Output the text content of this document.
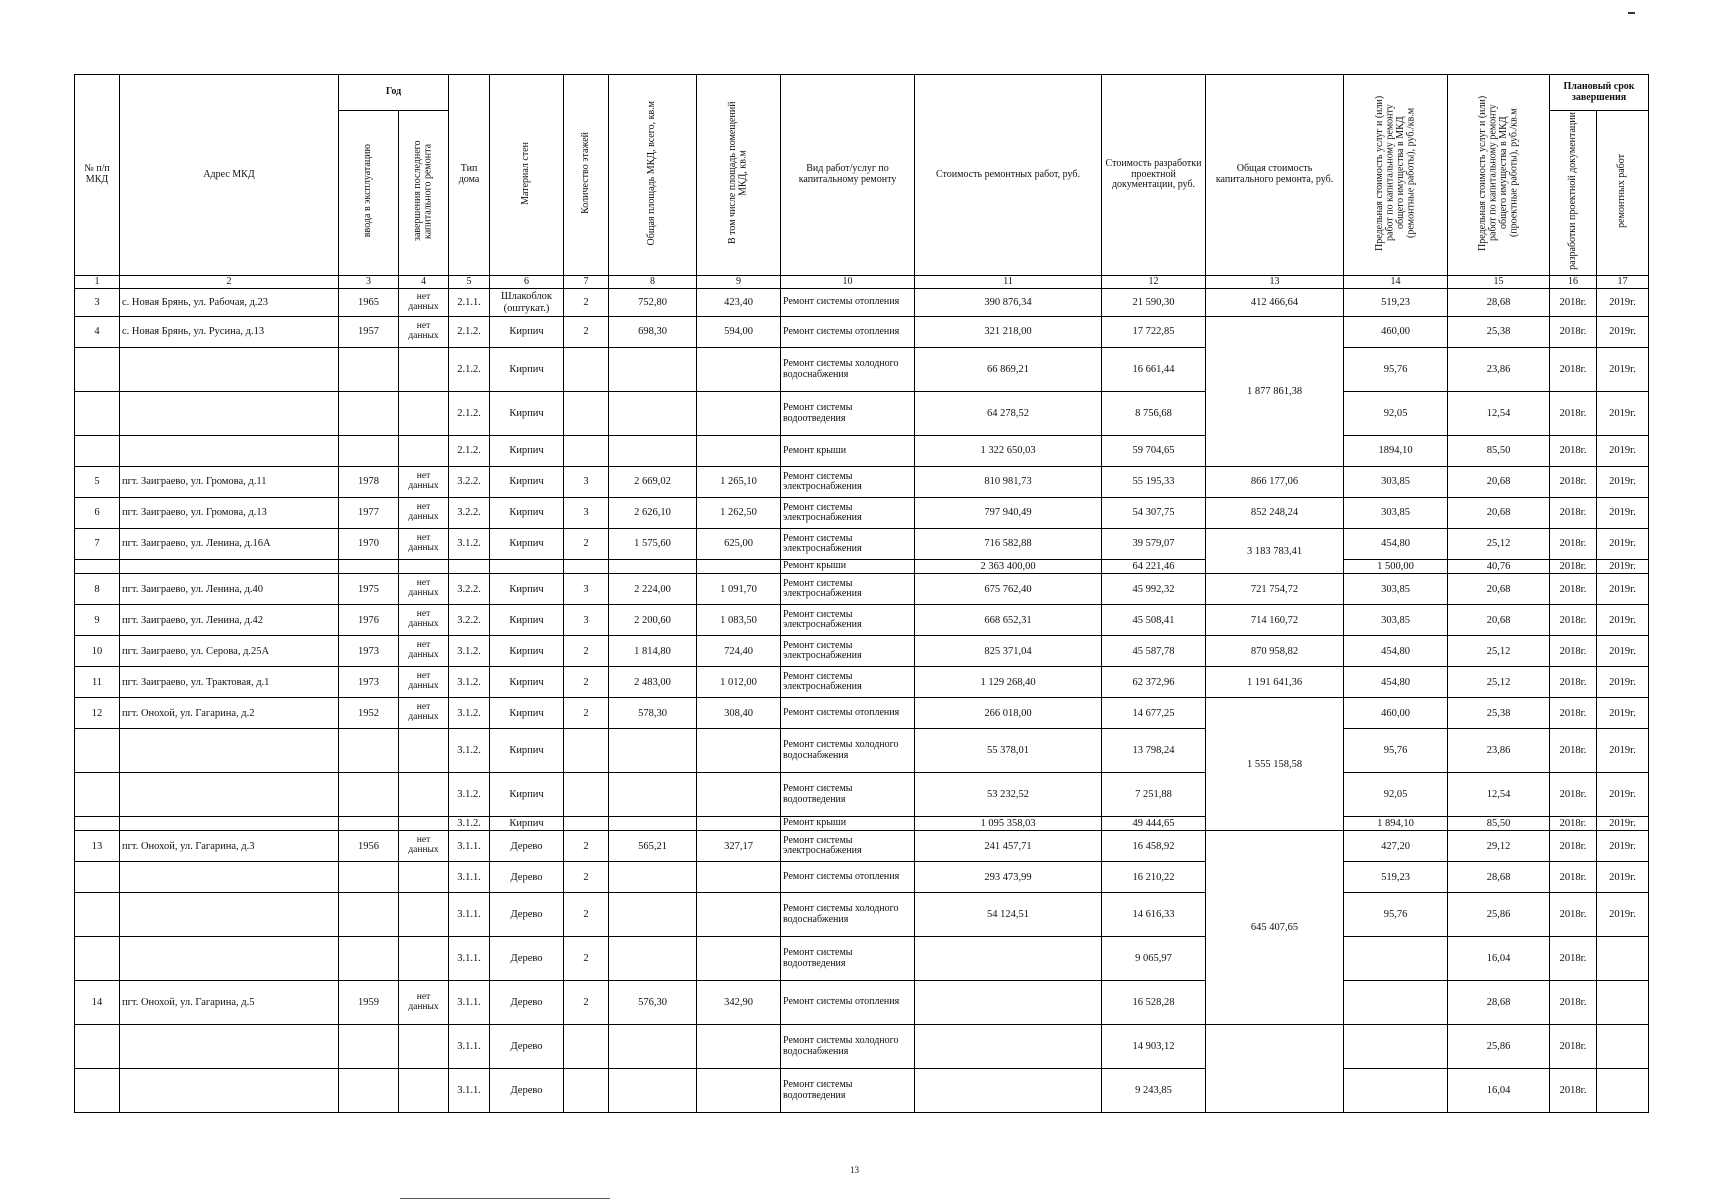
№ п/п МКД	Адрес МКД	Год		Тип дома	Материал стен	Количество этажей	Общая площадь МКД, всего, кв.м	В том числе площадь помещений МКД, кв.м	Вид работ/услуг по капитальному ремонту	Стоимость ремонтных работ, руб.	Стоимость разработки проектной документации, руб.	Общая стоимость капитального ремонта, руб.	Предельная стоимость услуг и (или) работ по капитальному ремонту общего имущества в МКД (ремонтные работы), руб./кв.м	Предельная стоимость услуг и (или) работ по капитальному ремонту общего имущества в МКД (проектные работы), руб./кв.м	Плановый срок завершения	
		ввода в эксплуатацию	завершения последнего капитального ремонта												разработки проектной документации	ремонтных работ
1	2	3	4	5	6	7	8	9	10	11	12	13	14	15	16	17
3	с. Новая Брянь, ул. Рабочая, д.23	1965	нет данных	2.1.1.	Шлакоблок (оштукат.)	2	752,80	423,40	Ремонт системы отопления	390 876,34	21 590,30	412 466,64	519,23	28,68	2018г.	2019г.
4	с. Новая Брянь, ул. Русина, д.13	1957	нет данных	2.1.2.	Кирпич	2	698,30	594,00	Ремонт системы отопления	321 218,00	17 722,85	1 877 861,38	460,00	25,38	2018г.	2019г.
				2.1.2.	Кирпич				Ремонт системы холодного водоснабжения	66 869,21	16 661,44		95,76	23,86	2018г.	2019г.
				2.1.2.	Кирпич				Ремонт системы водоотведения	64 278,52	8 756,68		92,05	12,54	2018г.	2019г.
				2.1.2.	Кирпич				Ремонт крыши	1 322 650,03	59 704,65		1894,10	85,50	2018г.	2019г.
5	пгт. Заиграево, ул. Громова, д.11	1978	нет данных	3.2.2.	Кирпич	3	2 669,02	1 265,10	Ремонт системы электроснабжения	810 981,73	55 195,33	866 177,06	303,85	20,68	2018г.	2019г.
6	пгт. Заиграево, ул. Громова, д.13	1977	нет данных	3.2.2.	Кирпич	3	2 626,10	1 262,50	Ремонт системы электроснабжения	797 940,49	54 307,75	852 248,24	303,85	20,68	2018г.	2019г.
7	пгт. Заиграево, ул. Ленина, д.16А	1970	нет данных	3.1.2.	Кирпич	2	1 575,60	625,00	Ремонт системы электроснабжения	716 582,88	39 579,07	3 183 783,41	454,80	25,12	2018г.	2019г.
									Ремонт крыши	2 363 400,00	64 221,46		1 500,00	40,76	2018г.	2019г.
8	пгт. Заиграево, ул. Ленина, д.40	1975	нет данных	3.2.2.	Кирпич	3	2 224,00	1 091,70	Ремонт системы электроснабжения	675 762,40	45 992,32	721 754,72	303,85	20,68	2018г.	2019г.
9	пгт. Заиграево, ул. Ленина, д.42	1976	нет данных	3.2.2.	Кирпич	3	2 200,60	1 083,50	Ремонт системы электроснабжения	668 652,31	45 508,41	714 160,72	303,85	20,68	2018г.	2019г.
10	пгт. Заиграево, ул. Серова, д.25А	1973	нет данных	3.1.2.	Кирпич	2	1 814,80	724,40	Ремонт системы электроснабжения	825 371,04	45 587,78	870 958,82	454,80	25,12	2018г.	2019г.
11	пгт. Заиграево, ул. Трактовая, д.1	1973	нет данных	3.1.2.	Кирпич	2	2 483,00	1 012,00	Ремонт системы электроснабжения	1 129 268,40	62 372,96	1 191 641,36	454,80	25,12	2018г.	2019г.
12	пгт. Онохой, ул. Гагарина, д.2	1952	нет данных	3.1.2.	Кирпич	2	578,30	308,40	Ремонт системы отопления	266 018,00	14 677,25	1 555 158,58	460,00	25,38	2018г.	2019г.
				3.1.2.	Кирпич				Ремонт системы холодного водоснабжения	55 378,01	13 798,24		95,76	23,86	2018г.	2019г.
				3.1.2.	Кирпич				Ремонт системы водоотведения	53 232,52	7 251,88		92,05	12,54	2018г.	2019г.
				3.1.2.	Кирпич				Ремонт крыши	1 095 358,03	49 444,65		1 894,10	85,50	2018г.	2019г.
13	пгт. Онохой, ул. Гагарина, д.3	1956	нет данных	3.1.1.	Дерево	2	565,21	327,17	Ремонт системы электроснабжения	241 457,71	16 458,92	645 407,65	427,20	29,12	2018г.	2019г.
				3.1.1.	Дерево	2			Ремонт системы отопления	293 473,99	16 210,22		519,23	28,68	2018г.	2019г.
				3.1.1.	Дерево	2			Ремонт системы холодного водоснабжения	54 124,51	14 616,33		95,76	25,86	2018г.	2019г.
				3.1.1.	Дерево	2			Ремонт системы водоотведения		9 065,97			16,04	2018г.	
14	пгт. Онохой, ул. Гагарина, д.5	1959	нет данных	3.1.1.	Дерево	2	576,30	342,90	Ремонт системы отопления		16 528,28			28,68	2018г.	
				3.1.1.	Дерево				Ремонт системы холодного водоснабжения		14 903,12			25,86	2018г.	
				3.1.1.	Дерево				Ремонт системы водоотведения		9 243,85			16,04	2018г.	
13
